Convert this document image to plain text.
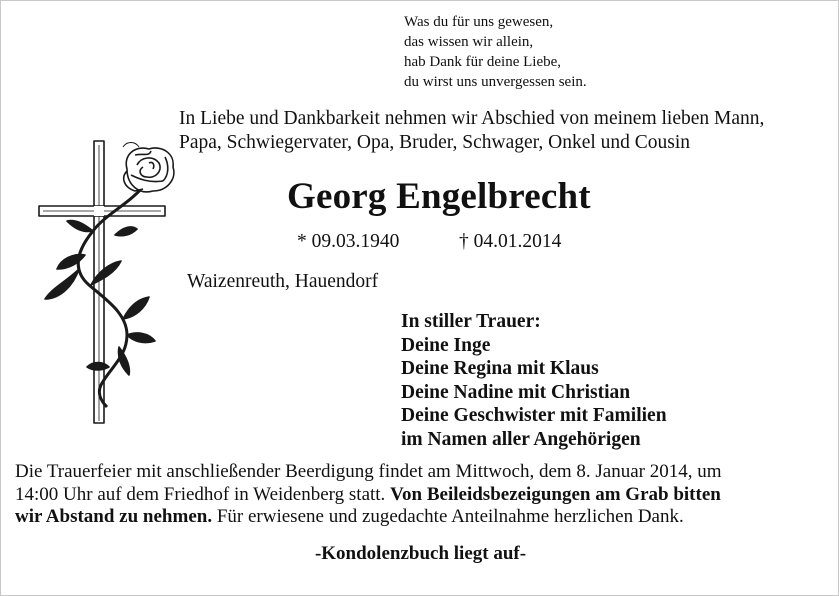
Was du für uns gewesen,
das wissen wir allein,
hab Dank für deine Liebe,
du wirst uns unvergessen sein.
In Liebe und Dankbarkeit nehmen wir Abschied von meinem lieben Mann,
Papa, Schwiegervater, Opa, Bruder, Schwager, Onkel und Cousin
Georg Engelbrecht
* 09.03.1940	† 04.01.2014
Waizenreuth, Hauendorf
In stiller Trauer:
Deine Inge
Deine Regina mit Klaus
Deine Nadine mit Christian
Deine Geschwister mit Familien
im Namen aller Angehörigen
Die Trauerfeier mit anschließender Beerdigung findet am Mittwoch, dem 8. Januar 2014, um
14:00 Uhr auf dem Friedhof in Weidenberg statt. Von Beileidsbezeigungen am Grab bitten
wir Abstand zu nehmen. Für erwiesene und zugedachte Anteilnahme herzlichen Dank.
-Kondolenzbuch liegt auf-
